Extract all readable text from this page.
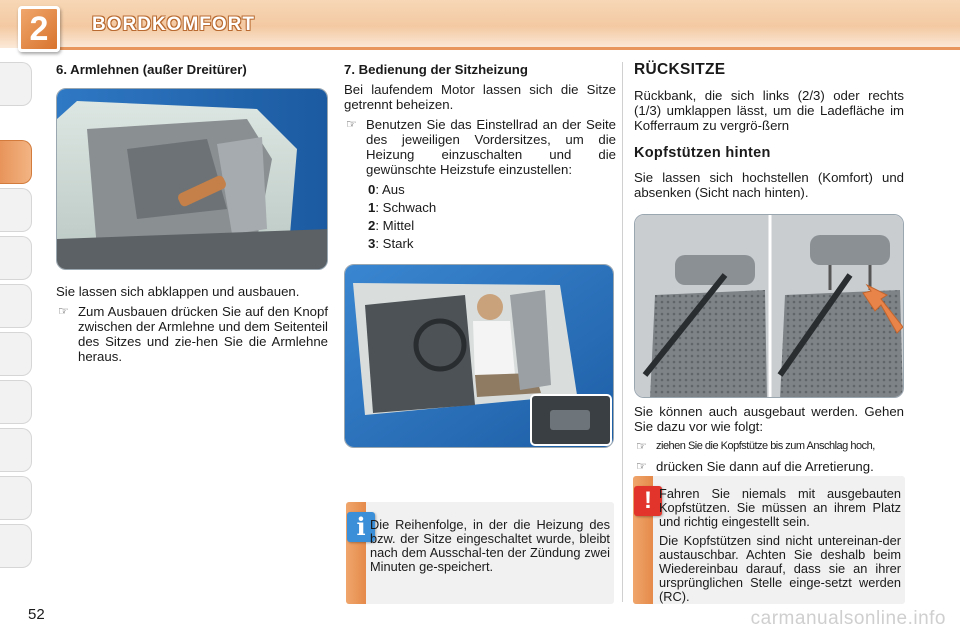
2	BORDKOMFORT
6. Armlehnen (außer Dreitürer)

Sie lassen sich abklappen und ausbauen.

☞ Zum Ausbauen drücken Sie auf den Knopf zwischen der Armlehne und dem Seitenteil des Sitzes und zie-hen Sie die Armlehne heraus.
7. Bedienung der Sitzheizung

Bei laufendem Motor lassen sich die Sitze getrennt beheizen.

☞ Benutzen Sie das Einstellrad an der Seite des jeweiligen Vordersitzes, um die Heizung einzuschalten und die gewünschte Heizstufe einzustellen:
0: Aus
1: Schwach
2: Mittel
3: Stark
i Die Reihenfolge, in der die Heizung des bzw. der Sitze eingeschaltet wurde, bleibt nach dem Ausschal-ten der Zündung zwei Minuten ge-speichert.
RÜCKSITZE

Rückbank, die sich links (2/3) oder rechts (1/3) umklappen lässt, um die Ladefläche im Kofferraum zu vergrö-ßern

Kopfstützen hinten

Sie lassen sich hochstellen (Komfort) und absenken (Sicht nach hinten).

Sie können auch ausgebaut werden. Gehen Sie dazu vor wie folgt:

☞ ziehen Sie die Kopfstütze bis zum Anschlag hoch,
☞ drücken Sie dann auf die Arretierung.
! Fahren Sie niemals mit ausgebauten Kopfstützen. Sie müssen an ihrem Platz und richtig eingestellt sein.

Die Kopfstützen sind nicht untereinan-der austauschbar. Achten Sie deshalb beim Wiedereinbau darauf, dass sie an ihrer ursprünglichen Stelle einge-setzt werden (RC).

52	carmanualsonline.info
